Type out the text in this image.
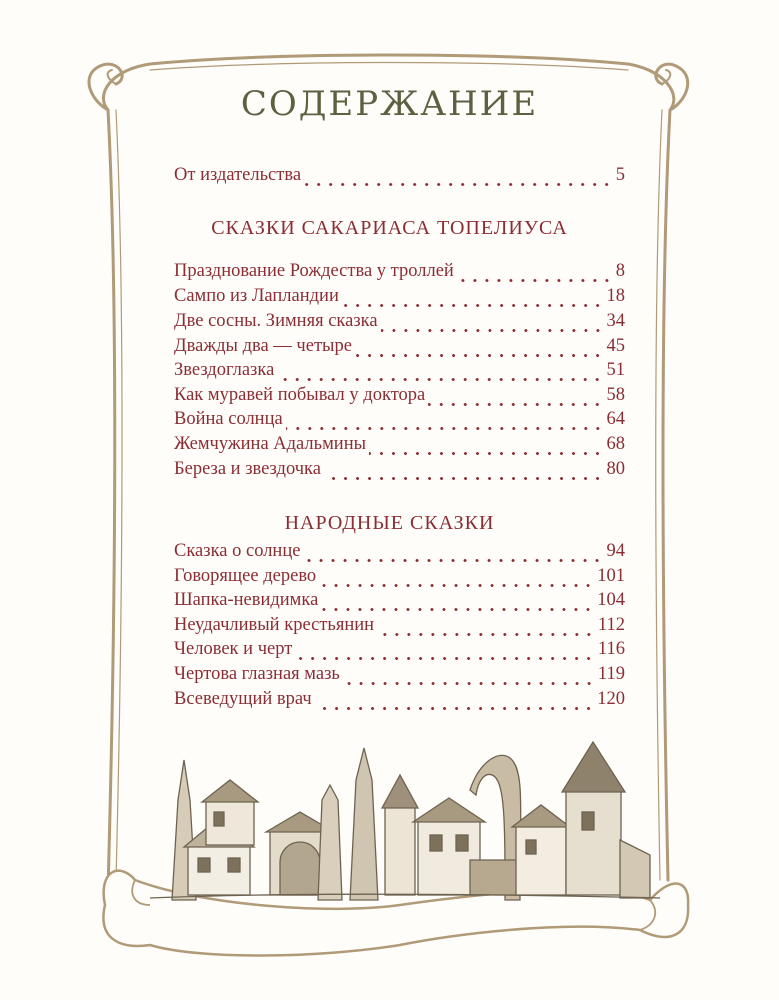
СОДЕРЖАНИЕ
От издательства	5
СКАЗКИ САКАРИАСА ТОПЕЛИУСА
Празднование Рождества у троллей	8
Сампо из Лапландии	18
Две сосны. Зимняя сказка	34
Дважды два — четыре	45
Звездоглазка	51
Как муравей побывал у доктора	58
Война солнца	64
Жемчужина Адальмины	68
Береза и звездочка	80
НАРОДНЫЕ СКАЗКИ
Сказка о солнце	94
Говорящее дерево	101
Шапка-невидимка	104
Неудачливый крестьянин	112
Человек и черт	116
Чертова глазная мазь	119
Всеведущий врач	120
